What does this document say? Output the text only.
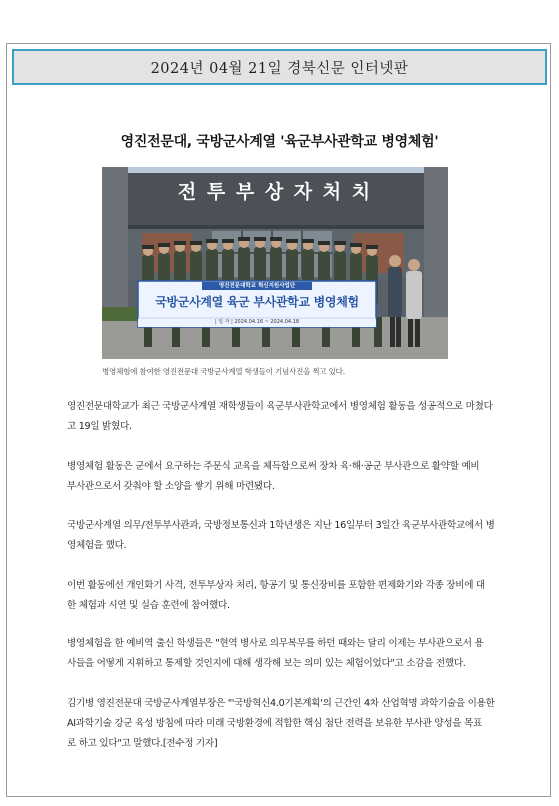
2024년 04월 21일 경북신문 인터넷판
영진전문대, 국방군사계열 '육군부사관학교 병영체험'
전 투 부 상 자 처 치
영진전문대학교 혁신지원사업단
국방군사계열 육군 부사관학교 병영체험
| 일 자 | 2024.04.16 ~ 2024.04.18
병영체험에 참여한 영진전문대 국방군사계열 학생들이 기념사진을 찍고 있다.

영진전문대학교가 최근 국방군사계열 재학생들이 육군부사관학교에서 병영체험 활동을 성공적으로 마쳤다
고 19일 밝혔다.

병영체험 활동은 군에서 요구하는 주문식 교육을 체득함으로써 장차 육·해·공군 부사관으로 활약할 예비
부사관으로서 갖춰야 할 소양을 쌓기 위해 마련됐다.

국방군사계열 의무/전투부사관과, 국방정보통신과 1학년생은 지난 16일부터 3일간 육군부사관학교에서 병
영체험을 했다.

이번 활동에선 개인화기 사격, 전투부상자 처리, 항공기 및 통신장비를 포함한 편제화기와 각종 장비에 대
한 체험과 시연 및 실습 훈련에 참여했다.

병영체험을 한 예비역 출신 학생들은 "현역 병사로 의무복무를 하던 때와는 달리 이제는 부사관으로서 용
사들을 어떻게 지휘하고 통제할 것인지에 대해 생각해 보는 의미 있는 체험이었다"고 소감을 전했다.

김기병 영진전문대 국방군사계열부장은 "'국방혁신4.0기본계획'의 근간인 4차 산업혁명 과학기술을 이용한
AI과학기술 강군 육성 방침에 따라 미래 국방환경에 적합한 핵심 첨단 전력을 보유한 부사관 양성을 목표
로 하고 있다"고 말했다.[전수정 기자]
